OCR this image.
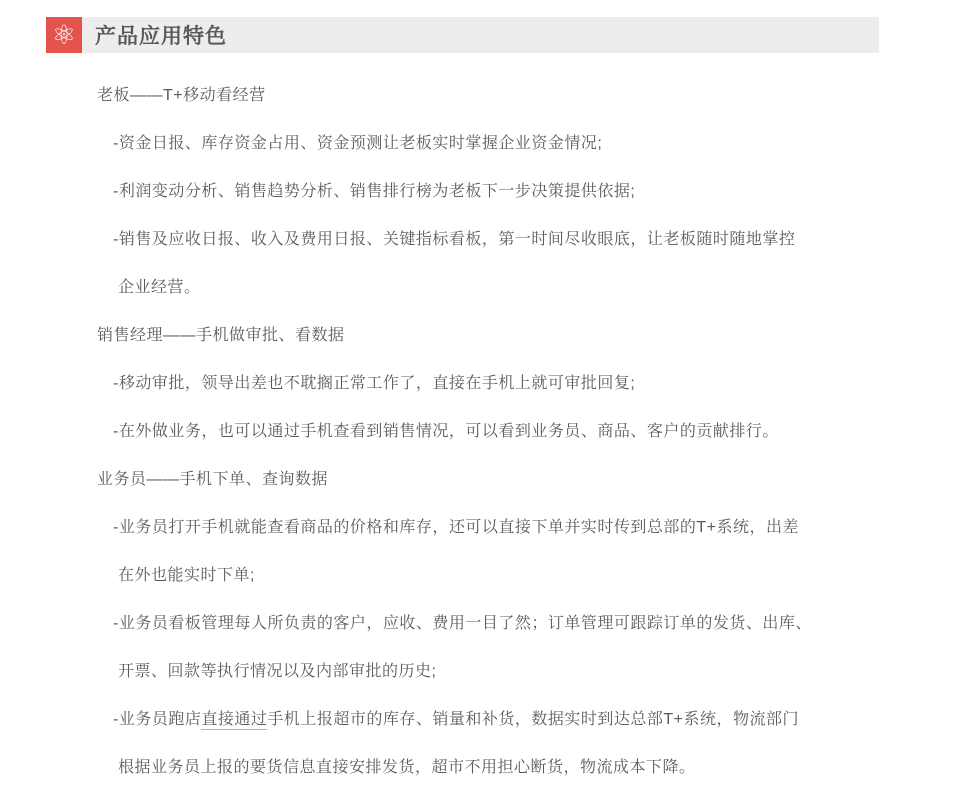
⚛ 产品应用特色
老板——T+移动看经营
-资金日报、库存资金占用、资金预测让老板实时掌握企业资金情况;
-利润变动分析、销售趋势分析、销售排行榜为老板下一步决策提供依据;
-销售及应收日报、收入及费用日报、关键指标看板，第一时间尽收眼底，让老板随时随地掌控
企业经营。
销售经理——手机做审批、看数据
-移动审批，领导出差也不耽搁正常工作了，直接在手机上就可审批回复;
-在外做业务，也可以通过手机查看到销售情况，可以看到业务员、商品、客户的贡献排行。
业务员——手机下单、查询数据
-业务员打开手机就能查看商品的价格和库存，还可以直接下单并实时传到总部的T+系统，出差
在外也能实时下单;
-业务员看板管理每人所负责的客户，应收、费用一目了然；订单管理可跟踪订单的发货、出库、
开票、回款等执行情况以及内部审批的历史;
-业务员跑店直接通过手机上报超市的库存、销量和补货，数据实时到达总部T+系统，物流部门
根据业务员上报的要货信息直接安排发货，超市不用担心断货，物流成本下降。
